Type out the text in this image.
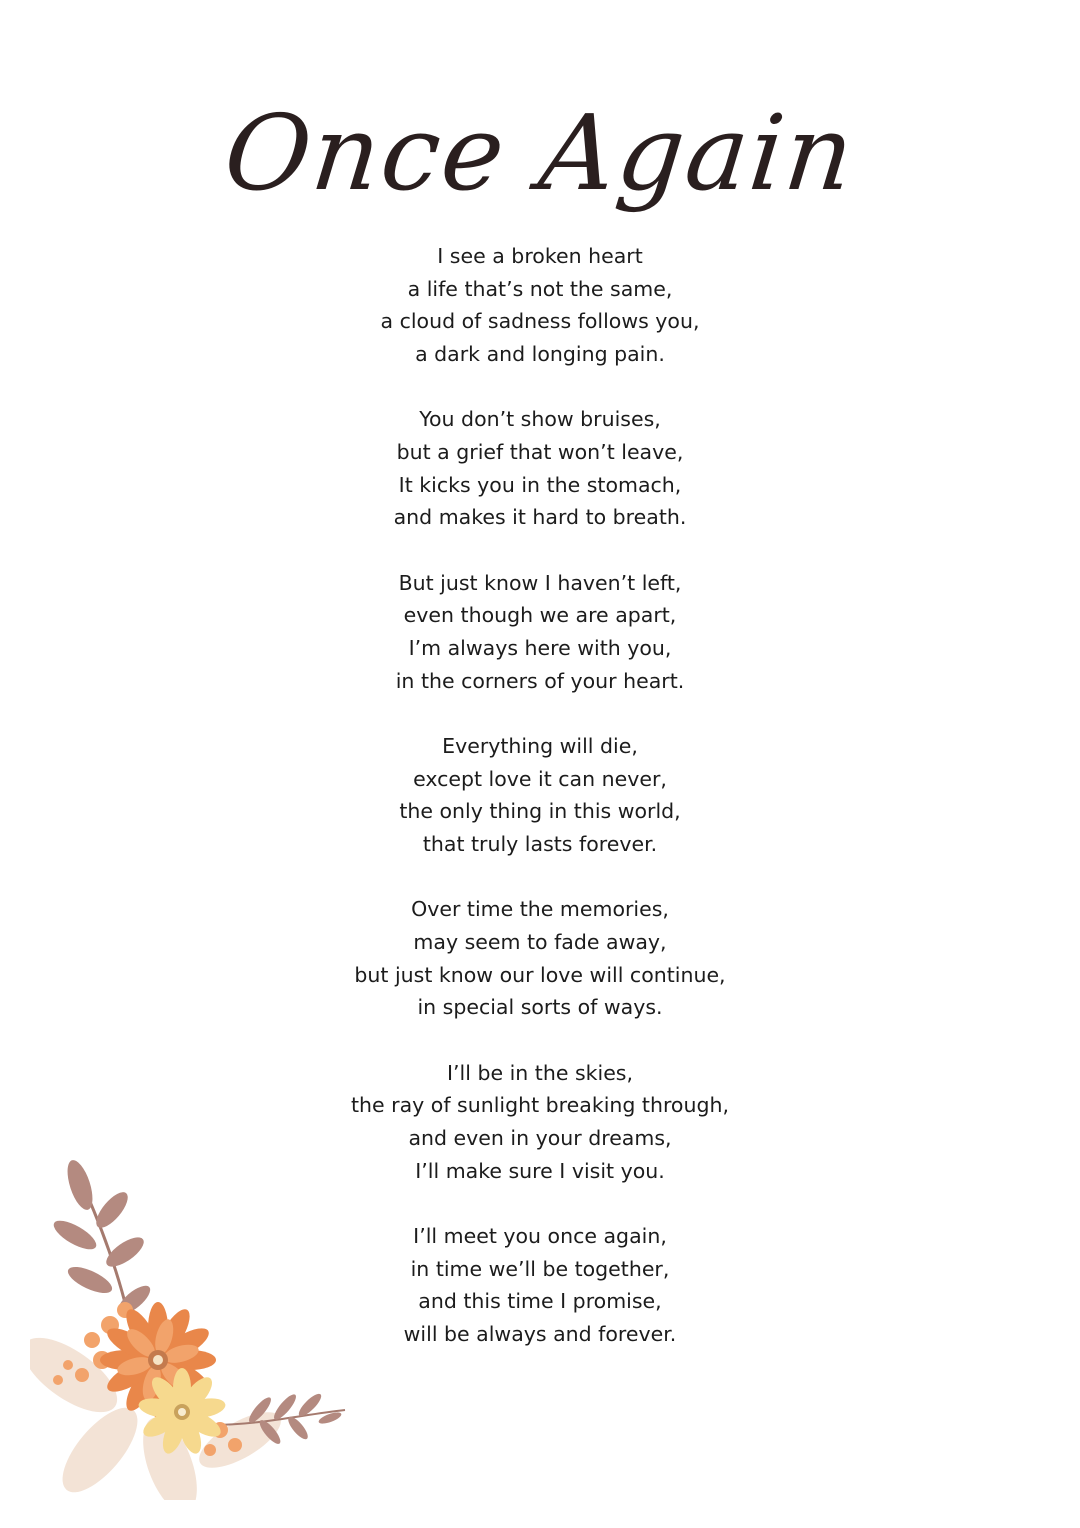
Once Again
I see a broken heart
a life that’s not the same,
a cloud of sadness follows you,
a dark and longing pain.
You don’t show bruises,
but a grief that won’t leave,
It kicks you in the stomach,
and makes it hard to breath.
But just know I haven’t left,
even though we are apart,
I’m always here with you,
in the corners of your heart.
Everything will die,
except love it can never,
the only thing in this world,
that truly lasts forever.
Over time the memories,
may seem to fade away,
but just know our love will continue,
in special sorts of ways.
I’ll be in the skies,
the ray of sunlight breaking through,
and even in your dreams,
I’ll make sure I visit you.
I’ll meet you once again,
in time we’ll be together,
and this time I promise,
will be always and forever.
